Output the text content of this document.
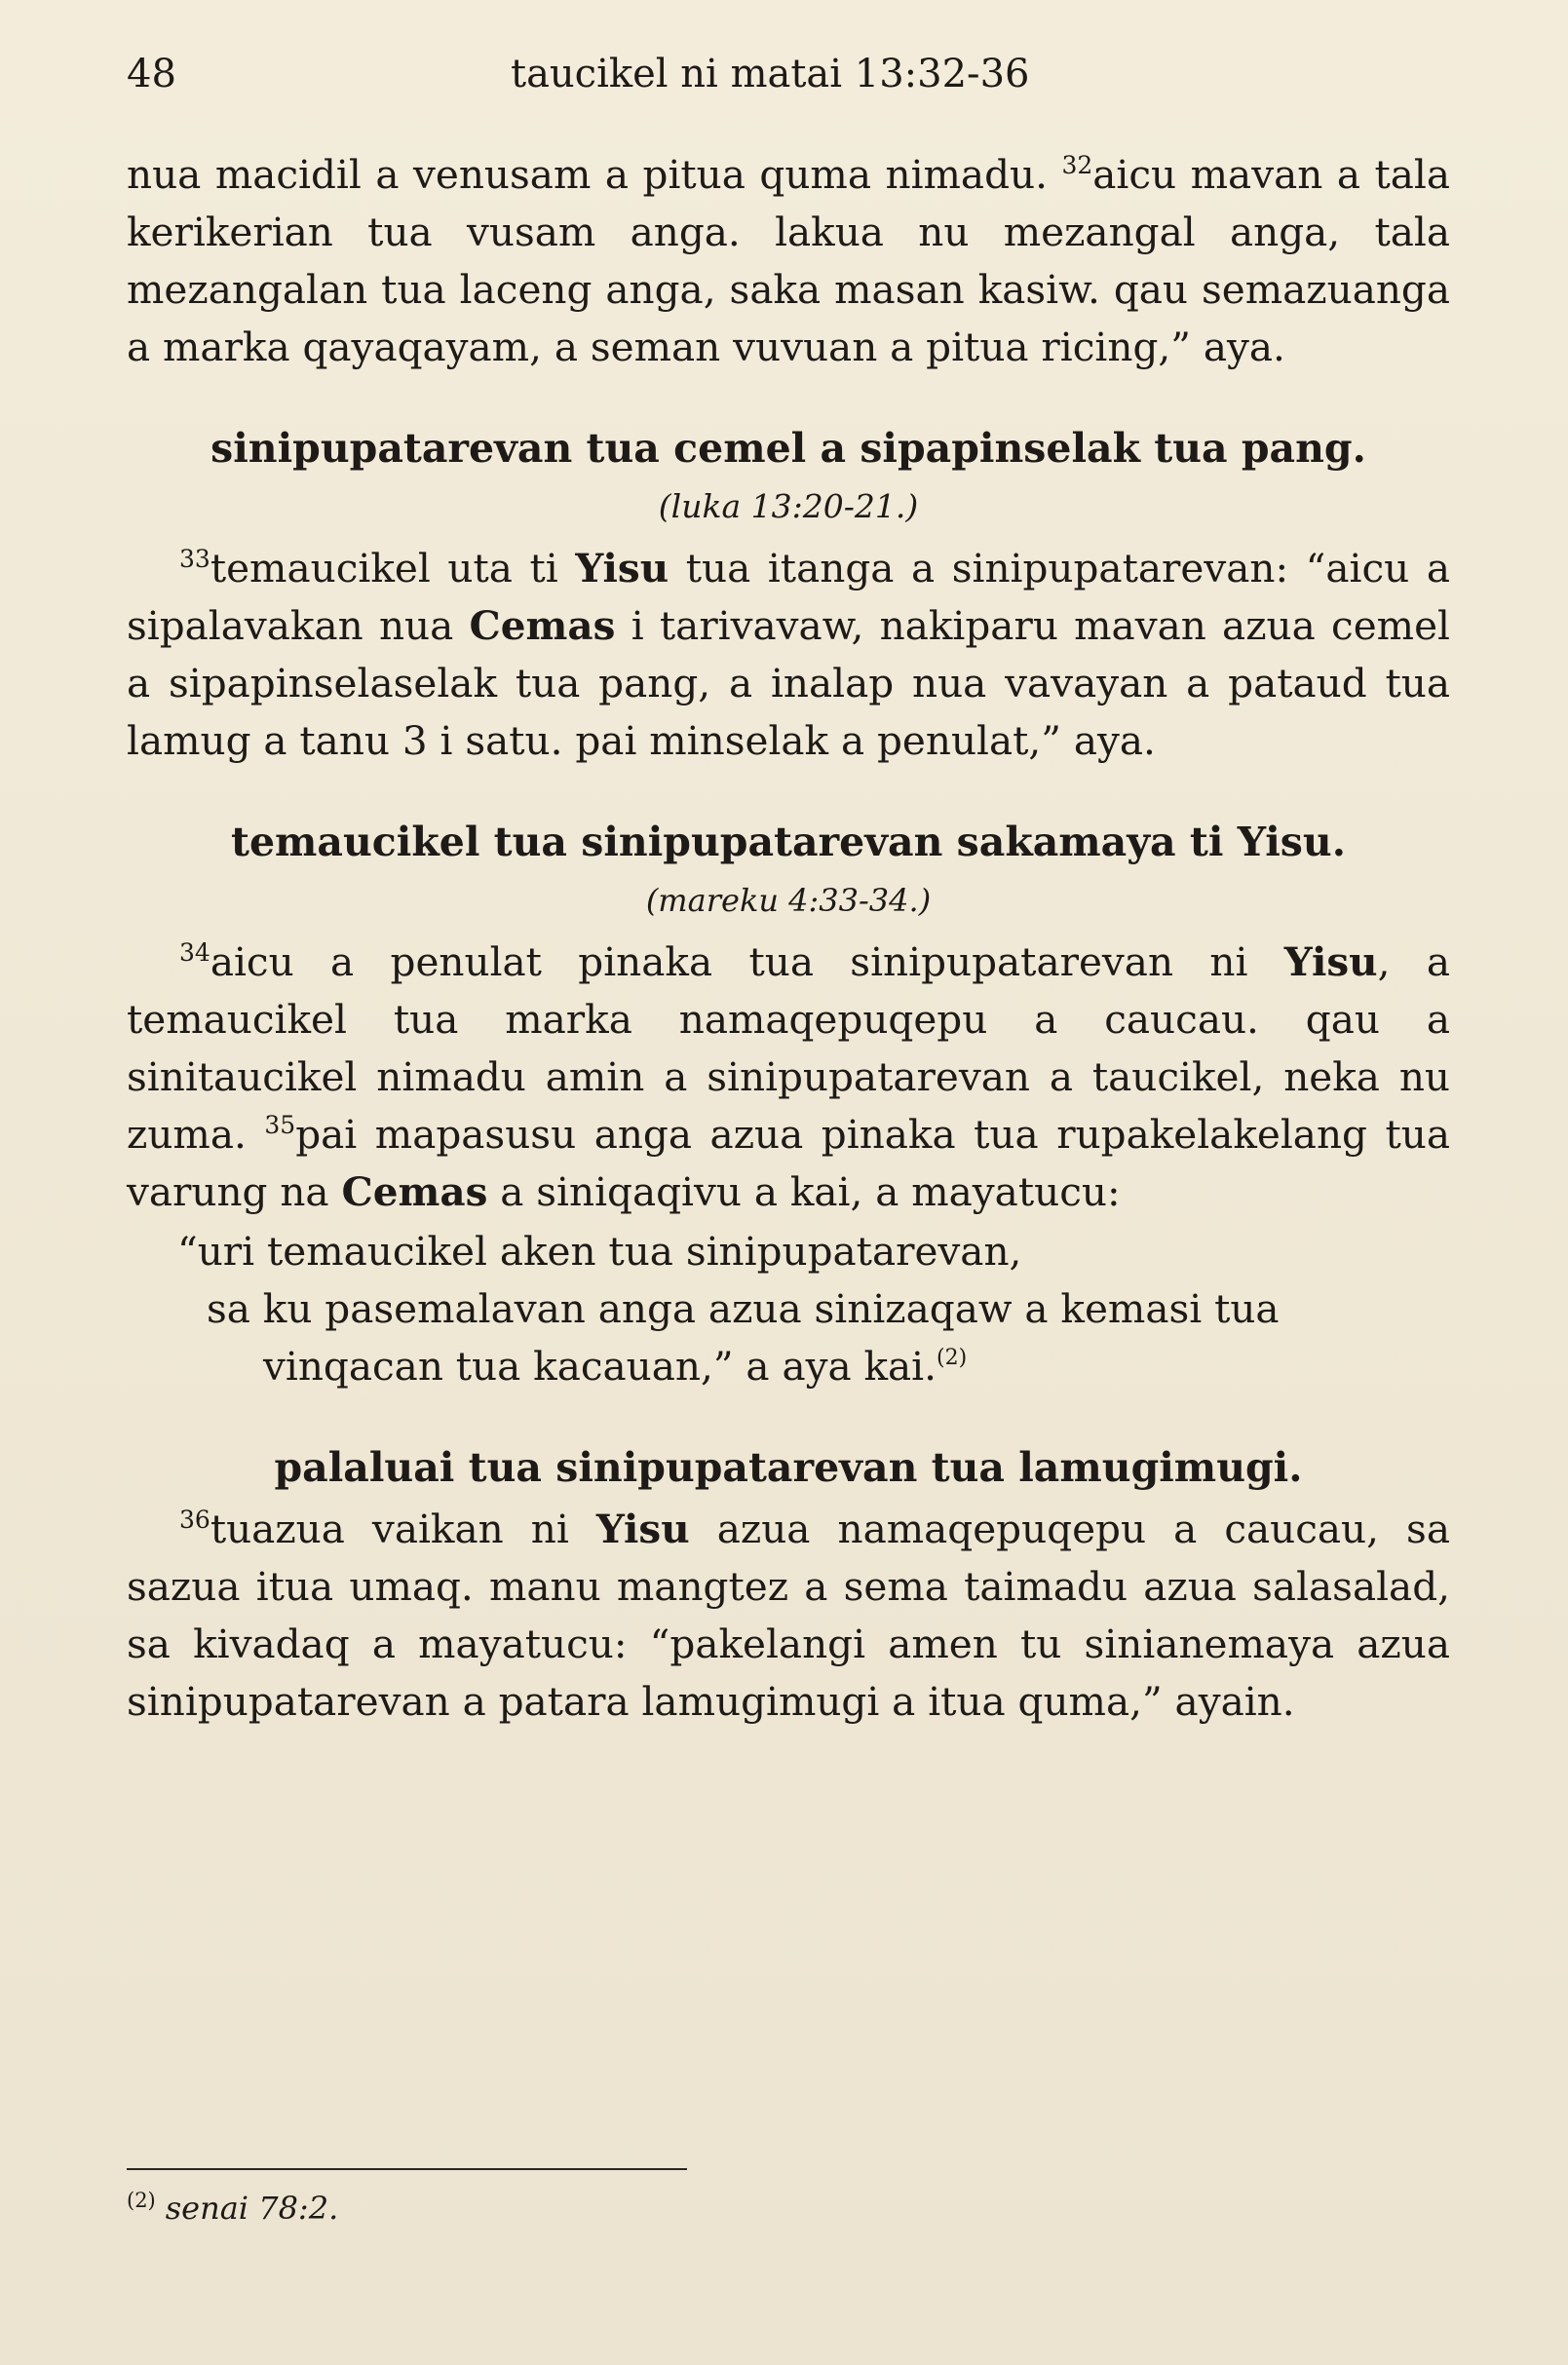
48	taucikel ni matai 13:32-36

nua macidil a venusam a pitua quma nimadu. $^{32}$aicu mavan a tala kerikerian tua vusam anga. lakua nu mezangal anga, tala mezangalan tua laceng anga, saka masan kasiw. qau semazuanga a marka qayaqayam, a seman vuvuan a pitua ricing,” aya.

sinipupatarevan tua cemel a sipapinselak tua pang.
(luka 13:20-21.)

$^{33}$temaucikel uta ti Yisu tua itanga a sinipupatarevan: “aicu a sipalavakan nua Cemas i tarivavaw, nakiparu mavan azua cemel a sipapinselaselak tua pang, a inalap nua vavayan a pataud tua lamug a tanu 3 i satu. pai minselak a penulat,” aya.

temaucikel tua sinipupatarevan sakamaya ti Yisu.
(mareku 4:33-34.)

$^{34}$aicu a penulat pinaka tua sinipupatarevan ni Yisu, a temaucikel tua marka namaqepuqepu a caucau. qau a sinitaucikel nimadu amin a sinipupatarevan a taucikel, neka nu zuma. $^{35}$pai mapasusu anga azua pinaka tua rupakelakelang tua varung na Cemas a siniqaqivu a kai, a mayatucu:

“uri temaucikel aken tua sinipupatarevan,
sa ku pasemalavan anga azua sinizaqaw a kemasi tua
vinqacan tua kacauan,” a aya kai.$^{(2)}$
palaluai tua sinipupatarevan tua lamugimugi.

$^{36}$tuazua vaikan ni Yisu azua namaqepuqepu a caucau, sa sazua itua umaq. manu mangtez a sema taimadu azua salasalad, sa kivadaq a mayatucu: “pakelangi amen tu sinianemaya azua sinipupatarevan a patara lamugimugi a itua quma,” ayain.

$^{(2)}$ senai 78:2.
